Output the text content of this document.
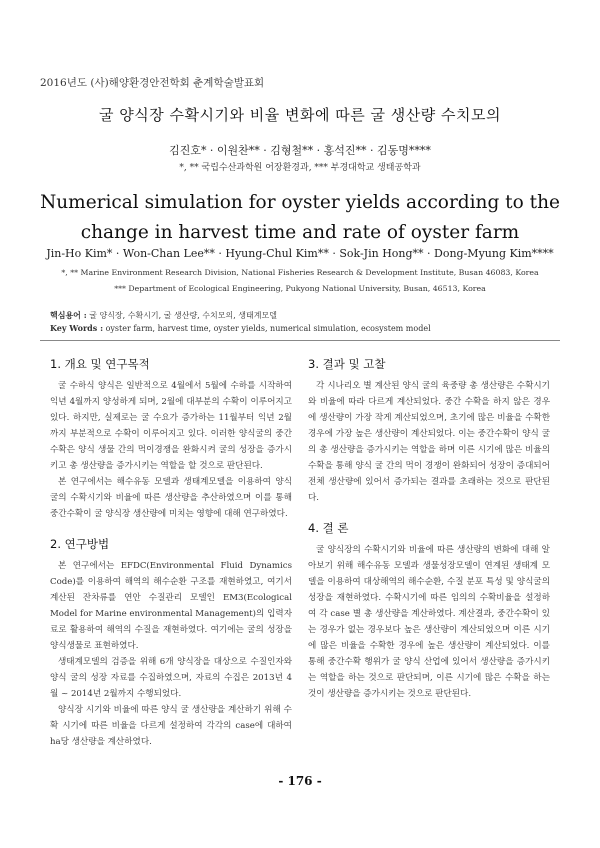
2016년도 (사)해양환경안전학회 춘계학술발표회
굴 양식장 수확시기와 비율 변화에 따른 굴 생산량 수치모의
김진호* · 이원찬** · 김형철** · 홍석진** · 김동명****
*, ** 국립수산과학원 어장환경과, *** 부경대학교 생태공학과
Numerical simulation for oyster yields according to the change in harvest time and rate of oyster farm
Jin-Ho Kim* · Won-Chan Lee** · Hyung-Chul Kim** · Sok-Jin Hong** · Dong-Myung Kim****
*, ** Marine Environment Research Division, National Fisheries Research & Development Institute, Busan 46083, Korea
*** Department of Ecological Engineering, Pukyong National University, Busan, 46513, Korea
핵심용어 : 굴 양식장, 수확시기, 굴 생산량, 수치모의, 생태계모델
Key Words : oyster farm, harvest time, oyster yields, numerical simulation, ecosystem model
1. 개요 및 연구목적

굴 수하식 양식은 일반적으로 4월에서 5월에 수하를 시작하여 익년 4월까지 양성하게 되며, 2월에 대부분의 수확이 이루어지고 있다. 하지만, 실제로는 굴 수요가 증가하는 11월부터 익년 2월까지 부분적으로 수확이 이루어지고 있다. 이러한 양식굴의 중간 수확은 양식 생물 간의 먹이경쟁을 완화시켜 굴의 성장을 증가시키고 총 생산량을 증가시키는 역할을 할 것으로 판단된다.

본 연구에서는 해수유동 모델과 생태계모델을 이용하여 양식 굴의 수확시기와 비율에 따른 생산량을 추산하였으며 이를 통해 중간수확이 굴 양식장 생산량에 미치는 영향에 대해 연구하였다.

2. 연구방법

본 연구에서는 EFDC(Environmental Fluid Dynamics Code)를 이용하여 해역의 해수순환 구조를 재현하였고, 여기서 계산된 잔차류를 연안 수질관리 모델인 EM3(Ecological Model for Marine environmental Management)의 입력자료로 활용하여 해역의 수질을 재현하였다. 여기에는 굴의 성장을 양식생물로 표현하였다.

생태계모델의 검증을 위해 6개 양식장을 대상으로 수질인자와 양식 굴의 성장 자료를 수집하였으며, 자료의 수집은 2013년 4월 ~ 2014년 2월까지 수행되었다.

양식장 시기와 비율에 따른 양식 굴 생산량을 계산하기 위해 수확 시기에 따른 비율을 다르게 설정하여 각각의 case에 대하여 ha당 생산량을 계산하였다.

3. 결과 및 고찰

각 시나리오 별 계산된 양식 굴의 육중량 총 생산량은 수확시기와 비율에 따라 다르게 계산되었다. 중간 수확을 하지 않은 경우에 생산량이 가장 작게 계산되었으며, 초기에 많은 비율을 수확한 경우에 가장 높은 생산량이 계산되었다. 이는 중간수확이 양식 굴의 총 생산량을 증가시키는 역할을 하며 이른 시기에 많은 비율의 수확을 통해 양식 굴 간의 먹이 경쟁이 완화되어 성장이 증대되어 전체 생산량에 있어서 증가되는 결과를 초래하는 것으로 판단된다.

4. 결 론

굴 양식장의 수확시기와 비율에 따른 생산량의 변화에 대해 알아보기 위해 해수유동 모델과 생물성장모델이 연계된 생태계 모델을 이용하여 대상해역의 해수순환, 수질 분포 특성 및 양식굴의 성장을 재현하였다. 수확시기에 따른 임의의 수확비율을 설정하여 각 case 별 총 생산량을 계산하였다. 계산결과, 중간수확이 있는 경우가 없는 경우보다 높은 생산량이 계산되었으며 이른 시기에 많은 비율을 수확한 경우에 높은 생산량이 계산되었다. 이를 통해 중간수확 행위가 굴 양식 산업에 있어서 생산량을 증가시키는 역할을 하는 것으로 판단되며, 이른 시기에 많은 수확을 하는 것이 생산량을 증가시키는 것으로 판단된다.

- 176 -
